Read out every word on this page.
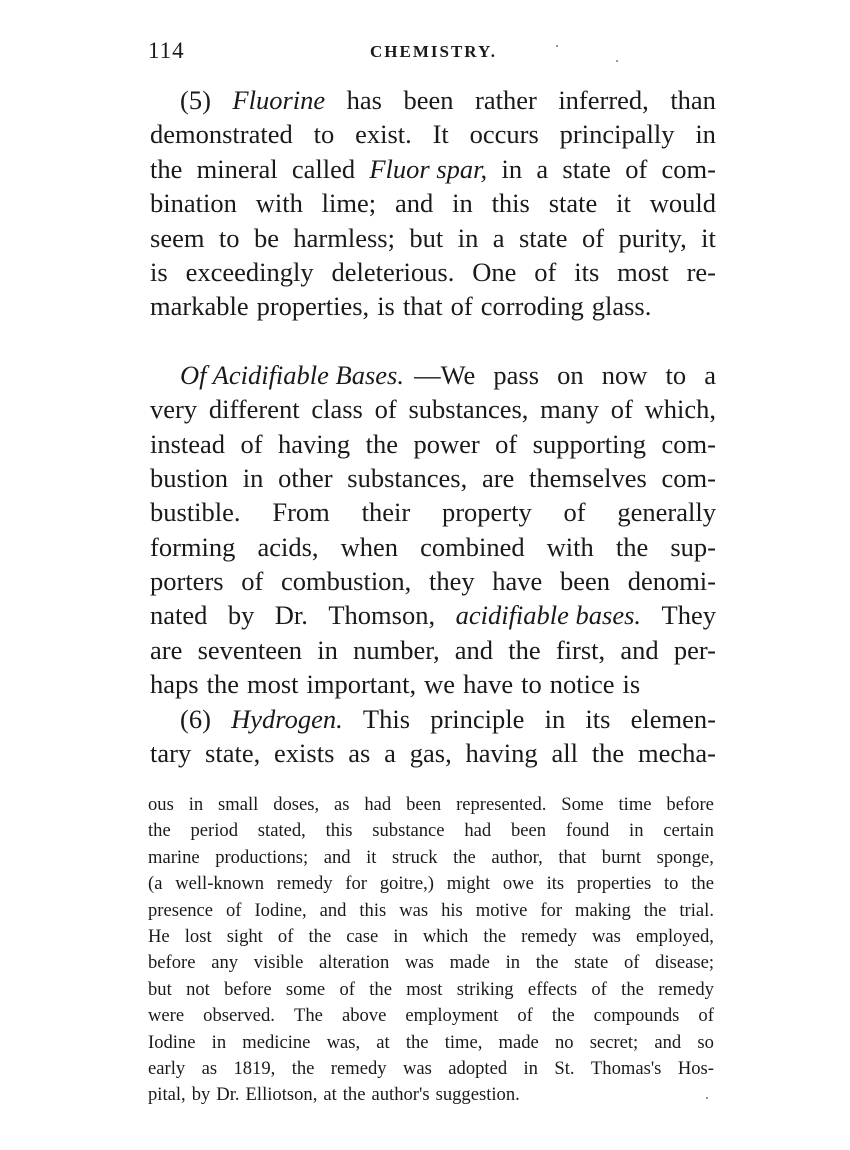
114	CHEMISTRY.
(5) Fluorine has been rather inferred, than
demonstrated to exist. It occurs principally in
the mineral called Fluor spar, in a state of com-
bination with lime; and in this state it would
seem to be harmless; but in a state of purity, it
is exceedingly deleterious. One of its most re-
markable properties, is that of corroding glass.
Of Acidifiable Bases. —We pass on now to a
very different class of substances, many of which,
instead of having the power of supporting com-
bustion in other substances, are themselves com-
bustible. From their property of generally
forming acids, when combined with the sup-
porters of combustion, they have been denomi-
nated by Dr. Thomson, acidifiable bases. They
are seventeen in number, and the first, and per-
haps the most important, we have to notice is
(6) Hydrogen. This principle in its elemen-
tary state, exists as a gas, having all the mecha-
ous in small doses, as had been represented. Some time before
the period stated, this substance had been found in certain
marine productions; and it struck the author, that burnt sponge,
(a well-known remedy for goitre,) might owe its properties to the
presence of Iodine, and this was his motive for making the trial.
He lost sight of the case in which the remedy was employed,
before any visible alteration was made in the state of disease;
but not before some of the most striking effects of the remedy
were observed. The above employment of the compounds of
Iodine in medicine was, at the time, made no secret; and so
early as 1819, the remedy was adopted in St. Thomas's Hos-
pital, by Dr. Elliotson, at the author's suggestion.
